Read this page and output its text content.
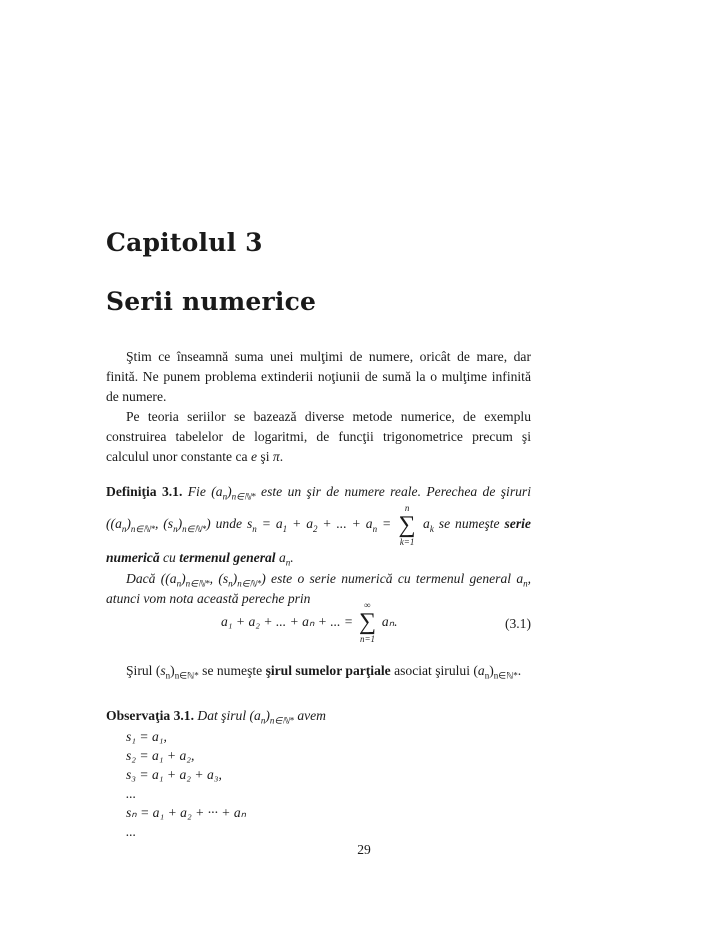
Capitolul 3
Serii numerice

Ştim ce înseamnă suma unei mulţimi de numere, oricât de mare, dar finită. Ne punem problema extinderii noţiunii de sumă la o mulţime infinită de numere.

Pe teoria seriilor se bazează diverse metode numerice, de exemplu construirea tabelelor de logaritmi, de funcţii trigonometrice precum şi calculul unor constante ca e şi π.

Definiţia 3.1. Fie $(a_n)_{n\in ℕ*}$ este un şir de numere reale. Perechea de şiruri ($(a_n)_{n\in ℕ*}$, $(s_n)_{n\in ℕ*}$) unde $s_n = a_1 + a_2$ + ... + $a_n$ =
n
∑
k=1
$a_k$ se numeşte serie numerică cu termenul general $a_n$.

Dacă ($(a_n)_{n\in ℕ*}$, $(s_n)_{n\in ℕ*}$) este o serie numerică cu termenul general $a_n$, atunci vom nota această pereche prin

a₁ + a₂ + ... + aₙ + ... =
∞
∑
n=1
aₙ.	(3.1)

Şirul $(s_n)_{n\in ℕ*}$ se numeşte şirul sumelor parţiale asociat şirului $(a_n)_{n\in ℕ*}$.

Observaţia 3.1. Dat şirul $(a_n)_{n\in ℕ*}$ avem

s₁ = a₁,
s₂ = a₁ + a₂,
s₃ = a₁ + a₂ + a₃,
...
sₙ = a₁ + a₂ + ··· + aₙ
...
29
